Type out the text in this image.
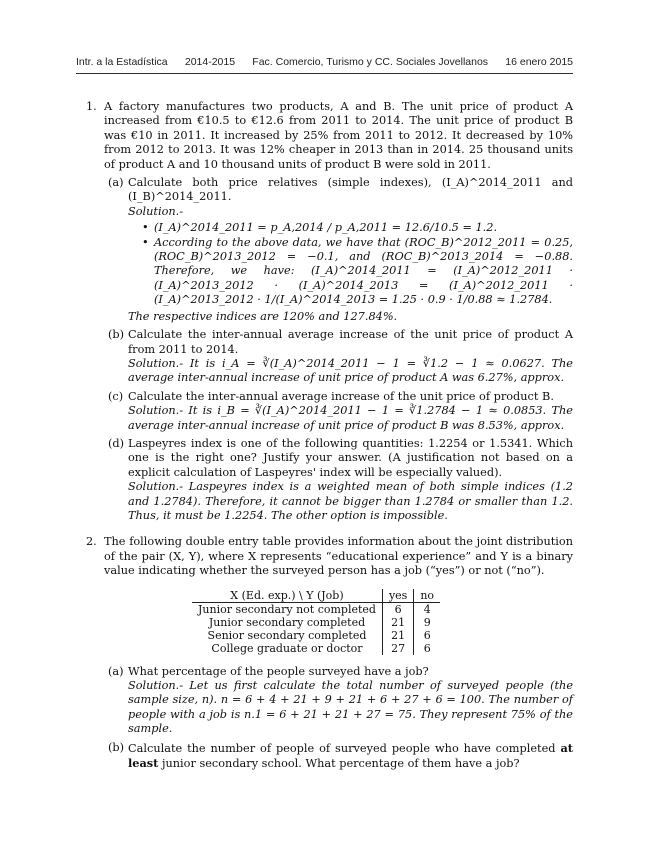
Intr. a la Estadística 2014-2015 Fac. Comercio, Turismo y CC. Sociales Jovellanos 16 enero 2015
1. A factory manufactures two products, A and B. The unit price of product A increased from €10.5 to €12.6 from 2011 to 2014. The unit price of product B was €10 in 2011. It increased by 25% from 2011 to 2012. It decreased by 10% from 2012 to 2013. It was 12% cheaper in 2013 than in 2014. 25 thousand units of product A and 10 thousand units of product B were sold in 2011.
(a) Calculate both price relatives (simple indexes), (I_A)^2014_2011 and (I_B)^2014_2011.
Solution.-
• (I_A)^2014_2011 = p_A,2014 / p_A,2011 = 12.6/10.5 = 1.2.
• According to the above data, we have that (ROC_B)^2012_2011 = 0.25, (ROC_B)^2013_2012 = −0.1, and (ROC_B)^2013_2014 = −0.88. Therefore, we have: (I_A)^2014_2011 = (I_A)^2012_2011 · (I_A)^2013_2012 · (I_A)^2014_2013 = (I_A)^2012_2011 · (I_A)^2013_2012 · 1/(I_A)^2014_2013 = 1.25 · 0.9 · 1/0.88 ≈ 1.2784.
The respective indices are 120% and 127.84%.
(b) Calculate the inter-annual average increase of the unit price of product A from 2011 to 2014.
Solution.- It is i_A = ∛(I_A)^2014_2011 − 1 = ∛1.2 − 1 ≈ 0.0627. The average inter-annual increase of unit price of product A was 6.27%, approx.
(c) Calculate the inter-annual average increase of the unit price of product B.
Solution.- It is i_B = ∛(I_A)^2014_2011 − 1 = ∛1.2784 − 1 ≈ 0.0853. The average inter-annual increase of unit price of product B was 8.53%, approx.
(d) Laspeyres index is one of the following quantities: 1.2254 or 1.5341. Which one is the right one? Justify your answer. (A justification not based on a explicit calculation of Laspeyres' index will be especially valued).
Solution.- Laspeyres index is a weighted mean of both simple indices (1.2 and 1.2784). Therefore, it cannot be bigger than 1.2784 or smaller than 1.2. Thus, it must be 1.2254. The other option is impossible.
2. The following double entry table provides information about the joint distribution of the pair (X, Y), where X represents “educational experience” and Y is a binary value indicating whether the surveyed person has a job (“yes”) or not (“no”).
X (Ed. exp.) \ Y (Job)	yes	no
Junior secondary not completed	6	4
Junior secondary completed	21	9
Senior secondary completed	21	6
College graduate or doctor	27	6
(a) What percentage of the people surveyed have a job?
Solution.- Let us first calculate the total number of surveyed people (the sample size, n). n = 6 + 4 + 21 + 9 + 21 + 6 + 27 + 6 = 100. The number of people with a job is n.1 = 6 + 21 + 21 + 27 = 75. They represent 75% of the sample.
(b) Calculate the number of people of surveyed people who have completed at least junior secondary school. What percentage of them have a job?
